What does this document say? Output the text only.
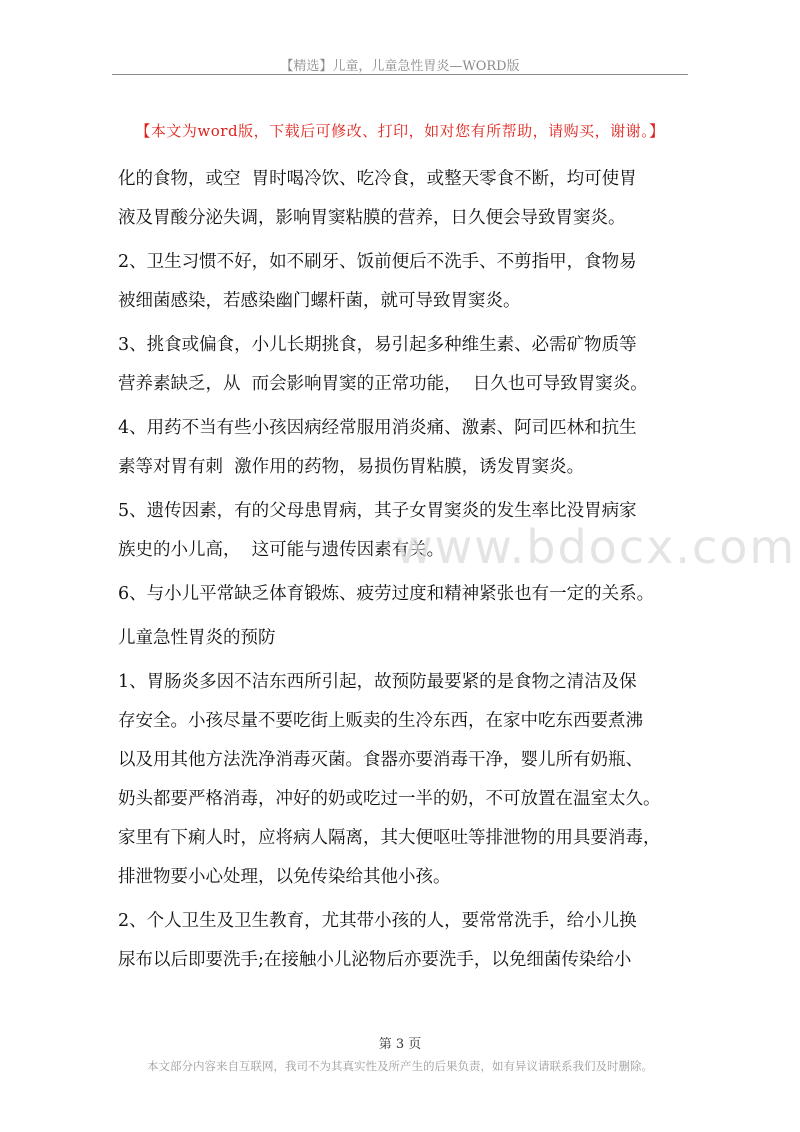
【精选】儿童，儿童急性胃炎—WORD版
【本文为word版，下载后可修改、打印，如对您有所帮助，请购买，谢谢。】
化的食物，或空  胃时喝冷饮、吃冷食，或整天零食不断，均可使胃
液及胃酸分泌失调，影响胃窦粘膜的营养，日久便会导致胃窦炎。
2、卫生习惯不好，如不刷牙、饭前便后不洗手、不剪指甲，食物易
被细菌感染，若感染幽门螺杆菌，就可导致胃窦炎。
3、挑食或偏食，小儿长期挑食，易引起多种维生素、必需矿物质等
营养素缺乏，从  而会影响胃窦的正常功能，  日久也可导致胃窦炎。
4、用药不当有些小孩因病经常服用消炎痛、激素、阿司匹林和抗生
素等对胃有刺  激作用的药物，易损伤胃粘膜，诱发胃窦炎。
5、遗传因素，有的父母患胃病，其子女胃窦炎的发生率比没胃病家
族史的小儿高，  这可能与遗传因素有关。
6、与小儿平常缺乏体育锻炼、疲劳过度和精神紧张也有一定的关系。
儿童急性胃炎的预防
1、胃肠炎多因不洁东西所引起，故预防最要紧的是食物之清洁及保
存安全。小孩尽量不要吃街上贩卖的生冷东西，在家中吃东西要煮沸
以及用其他方法洗净消毒灭菌。食器亦要消毒干净，婴儿所有奶瓶、
奶头都要严格消毒，冲好的奶或吃过一半的奶，不可放置在温室太久。
家里有下痢人时，应将病人隔离，其大便呕吐等排泄物的用具要消毒，
排泄物要小心处理，以免传染给其他小孩。
2、个人卫生及卫生教育，尤其带小孩的人，要常常洗手，给小儿换
尿布以后即要洗手;在接触小儿泌物后亦要洗手，以免细菌传染给小
www.bdocx.com
第 3 页
本文部分内容来自互联网，我司不为其真实性及所产生的后果负责，如有异议请联系我们及时删除。
